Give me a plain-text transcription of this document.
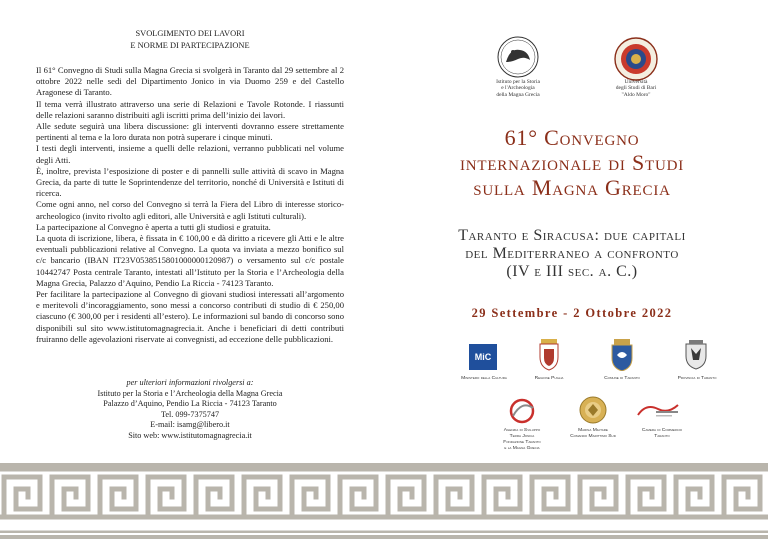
SVOLGIMENTO DEI LAVORI
E NORME DI PARTECIPAZIONE

Il 61° Convegno di Studi sulla Magna Grecia si svolgerà in Taranto dal 29 settembre al 2 ottobre 2022 nelle sedi del Dipartimento Jonico in via Duomo 259 e del Castello Aragonese di Taranto.

Il tema verrà illustrato attraverso una serie di Relazioni e Tavole Rotonde. I riassunti delle relazioni saranno distribuiti agli iscritti prima dell’inizio dei lavori.

Alle sedute seguirà una libera discussione: gli interventi dovranno essere strettamente pertinenti al tema e la loro durata non potrà superare i cinque minuti.

I testi degli interventi, insieme a quelli delle relazioni, verranno pubblicati nel volume degli Atti.

È, inoltre, prevista l’esposizione di poster e di pannelli sulle attività di scavo in Magna Grecia, da parte di tutte le Soprintendenze del territorio, nonché di Università e Istituti di ricerca.

Come ogni anno, nel corso del Convegno si terrà la Fiera del Libro di interesse storico-archeologico (invito rivolto agli editori, alle Università e agli Istituti culturali).

La partecipazione al Convegno è aperta a tutti gli studiosi e gratuita.

La quota di iscrizione, libera, è fissata in € 100,00 e dà diritto a ricevere gli Atti e le altre eventuali pubblicazioni relative al Convegno. La quota va inviata a mezzo bonifico sul c/c bancario (IBAN IT23V0538515801000000120987) o versamento sul c/c postale 10442747 Posta centrale Taranto, intestati all’Istituto per la Storia e l’Archeologia della Magna Grecia, Palazzo d’Aquino, Pendio La Riccia - 74123 Taranto.

Per facilitare la partecipazione al Convegno di giovani studiosi interessati all’argomento e meritevoli d’incoraggiamento, sono messi a concorso contributi di studio di € 250,00 ciascuno (€ 300,00 per i residenti all’estero). Le informazioni sul bando di concorso sono disponibili sul sito www.istitutomagnagrecia.it. Anche i beneficiari di detti contributi fruiranno delle agevolazioni riservate ai convegnisti, ad eccezione delle pubblicazioni.

per ulteriori informazioni rivolgersi a:
Istituto per la Storia e l’Archeologia della Magna Grecia
Palazzo d’Aquino, Pendio La Riccia - 74123 Taranto
Tel. 099-7375747
E-mail: isamg@libero.it
Sito web: www.istitutomagnagrecia.it
Istituto per la Storia
e l'Archeologia
della Magna Grecia
Università
degli Studi di Bari
"Aldo Moro"
61° Convegno
internazionale di Studi
sulla Magna Grecia
Taranto e Siracusa: due capitali
del Mediterraneo a confronto
(IV e III sec. a. C.)
29 Settembre - 2 Ottobre 2022
MiC
Ministero della Cultura	Regione Puglia	Comune di Taranto	Provincia di Taranto
Agenzia di Sviluppo
Terra Jonica
Fondazione Taranto
e la Magna Grecia
Marina Militare
Comando Marittimo Sud
Camera di Commercio
Taranto
